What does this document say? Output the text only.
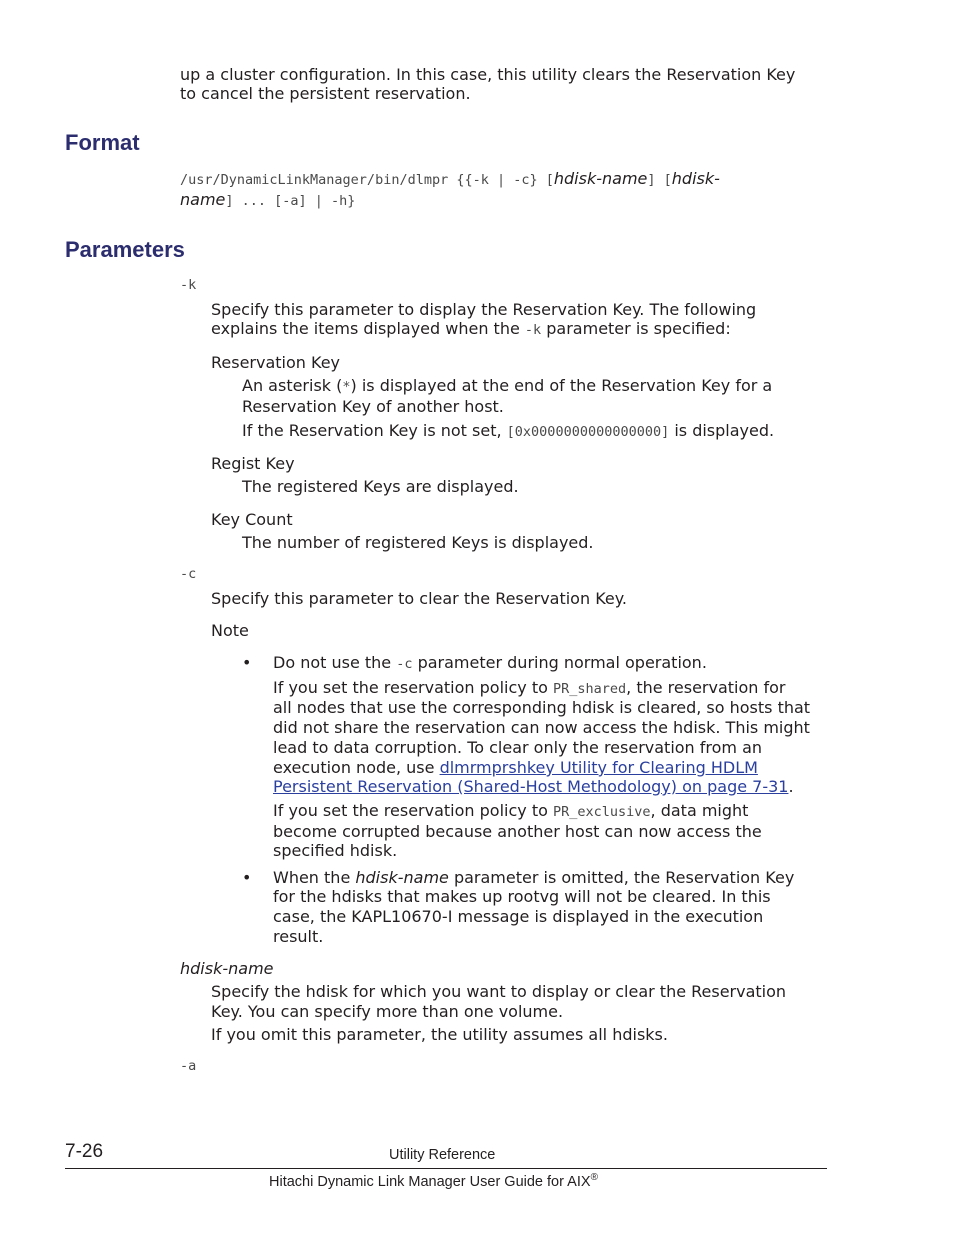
up a cluster configuration. In this case, this utility clears the Reservation Key

to cancel the persistent reservation.

Format
/usr/DynamicLinkManager/bin/dlmpr {{-k | -c} [hdisk-name] [hdisk-
name] ... [-a] | -h}
Parameters
-k

Specify this parameter to display the Reservation Key. The following

explains the items displayed when the -k parameter is specified:

Reservation Key

An asterisk (*) is displayed at the end of the Reservation Key for a

Reservation Key of another host.

If the Reservation Key is not set, [0x0000000000000000] is displayed.

Regist Key

The registered Keys are displayed.

Key Count

The number of registered Keys is displayed.

-c

Specify this parameter to clear the Reservation Key.

Note

• Do not use the -c parameter during normal operation.

If you set the reservation policy to PR_shared, the reservation for

all nodes that use the corresponding hdisk is cleared, so hosts that

did not share the reservation can now access the hdisk. This might

lead to data corruption. To clear only the reservation from an

execution node, use dlmrmprshkey Utility for Clearing HDLM

Persistent Reservation (Shared-Host Methodology) on page 7-31.

If you set the reservation policy to PR_exclusive, data might

become corrupted because another host can now access the

specified hdisk.

• When the hdisk-name parameter is omitted, the Reservation Key

for the hdisks that makes up rootvg will not be cleared. In this

case, the KAPL10670-I message is displayed in the execution

result.

hdisk-name

Specify the hdisk for which you want to display or clear the Reservation

Key. You can specify more than one volume.

If you omit this parameter, the utility assumes all hdisks.

-a
7-26	Utility Reference
Hitachi Dynamic Link Manager User Guide for AIX®
